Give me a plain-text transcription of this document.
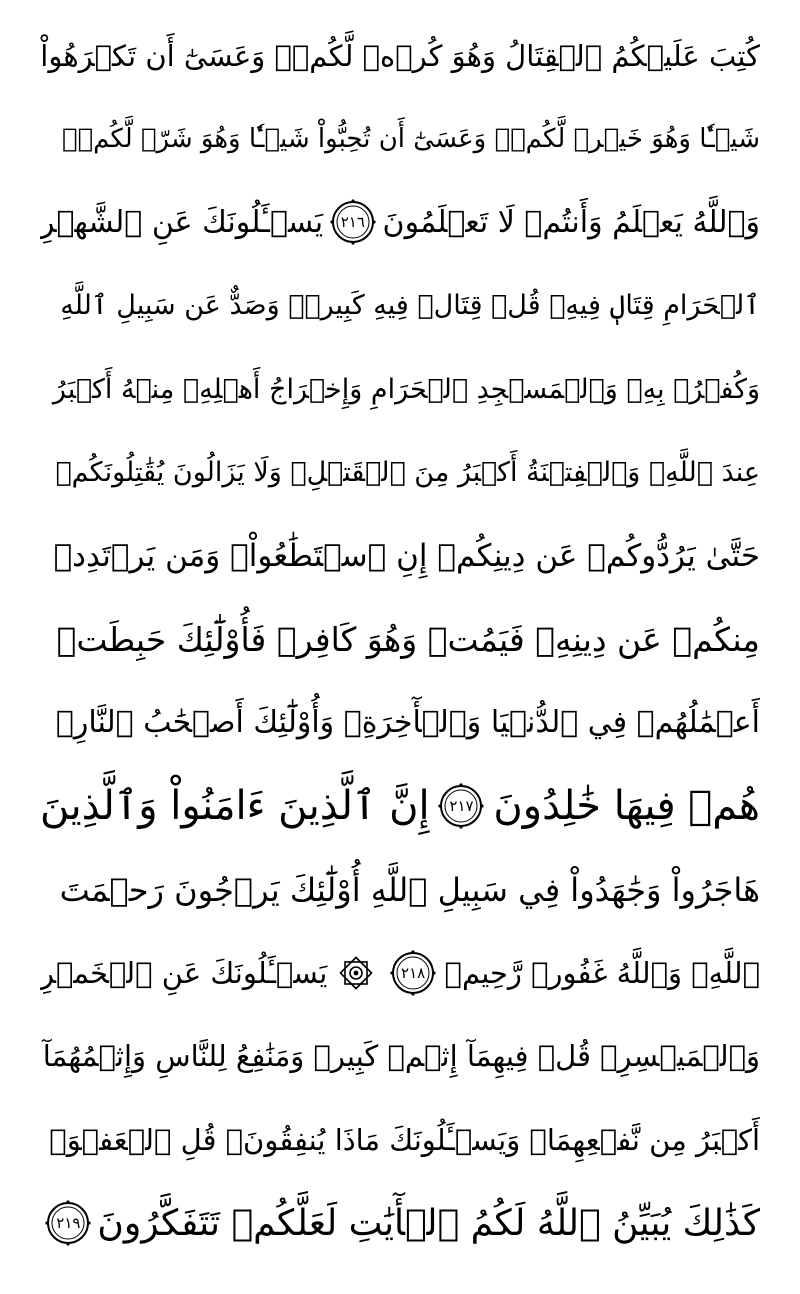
كُتِبَ عَلَيۡكُمُ ٱلۡقِتَالُ وَهُوَ كُرۡهٞ لَّكُمۡۖ وَعَسَىٰٓ أَن تَكۡرَهُواْ
شَيۡـٔٗا وَهُوَ خَيۡرٞ لَّكُمۡۖ وَعَسَىٰٓ أَن تُحِبُّواْ شَيۡـٔٗا وَهُوَ شَرّٞ لَّكُمۡۚ
وَٱللَّهُ يَعۡلَمُ وَأَنتُمۡ لَا تَعۡلَمُونَ
٢١٦
يَسۡـَٔلُونَكَ عَنِ ٱلشَّهۡرِ
ٱلۡحَرَامِ قِتَالٖ فِيهِۖ قُلۡ قِتَالٞ فِيهِ كَبِيرٞۖ وَصَدٌّ عَن سَبِيلِ ٱللَّهِ
وَكُفۡرُۢ بِهِۦ وَٱلۡمَسۡجِدِ ٱلۡحَرَامِ وَإِخۡرَاجُ أَهۡلِهِۦ مِنۡهُ أَكۡبَرُ
عِندَ ٱللَّهِۚ وَٱلۡفِتۡنَةُ أَكۡبَرُ مِنَ ٱلۡقَتۡلِۗ وَلَا يَزَالُونَ يُقَٰتِلُونَكُمۡ
حَتَّىٰ يَرُدُّوكُمۡ عَن دِينِكُمۡ إِنِ ٱسۡتَطَٰعُواْۚ وَمَن يَرۡتَدِدۡ
مِنكُمۡ عَن دِينِهِۦ فَيَمُتۡ وَهُوَ كَافِرٞ فَأُوْلَٰٓئِكَ حَبِطَتۡ
أَعۡمَٰلُهُمۡ فِي ٱلدُّنۡيَا وَٱلۡأٓخِرَةِۖ وَأُوْلَٰٓئِكَ أَصۡحَٰبُ ٱلنَّارِۖ
هُمۡ فِيهَا خَٰلِدُونَ
٢١٧
إِنَّ ٱلَّذِينَ ءَامَنُواْ وَٱلَّذِينَ
هَاجَرُواْ وَجَٰهَدُواْ فِي سَبِيلِ ٱللَّهِ أُوْلَٰٓئِكَ يَرۡجُونَ رَحۡمَتَ
ٱللَّهِۚ وَٱللَّهُ غَفُورٞ رَّحِيمٞ
٢١٨
يَسۡـَٔلُونَكَ عَنِ ٱلۡخَمۡرِ
وَٱلۡمَيۡسِرِۖ قُلۡ فِيهِمَآ إِثۡمٞ كَبِيرٞ وَمَنَٰفِعُ لِلنَّاسِ وَإِثۡمُهُمَآ
أَكۡبَرُ مِن نَّفۡعِهِمَاۗ وَيَسۡـَٔلُونَكَ مَاذَا يُنفِقُونَۖ قُلِ ٱلۡعَفۡوَۗ
كَذَٰلِكَ يُبَيِّنُ ٱللَّهُ لَكُمُ ٱلۡأٓيَٰتِ لَعَلَّكُمۡ تَتَفَكَّرُونَ
٢١٩
